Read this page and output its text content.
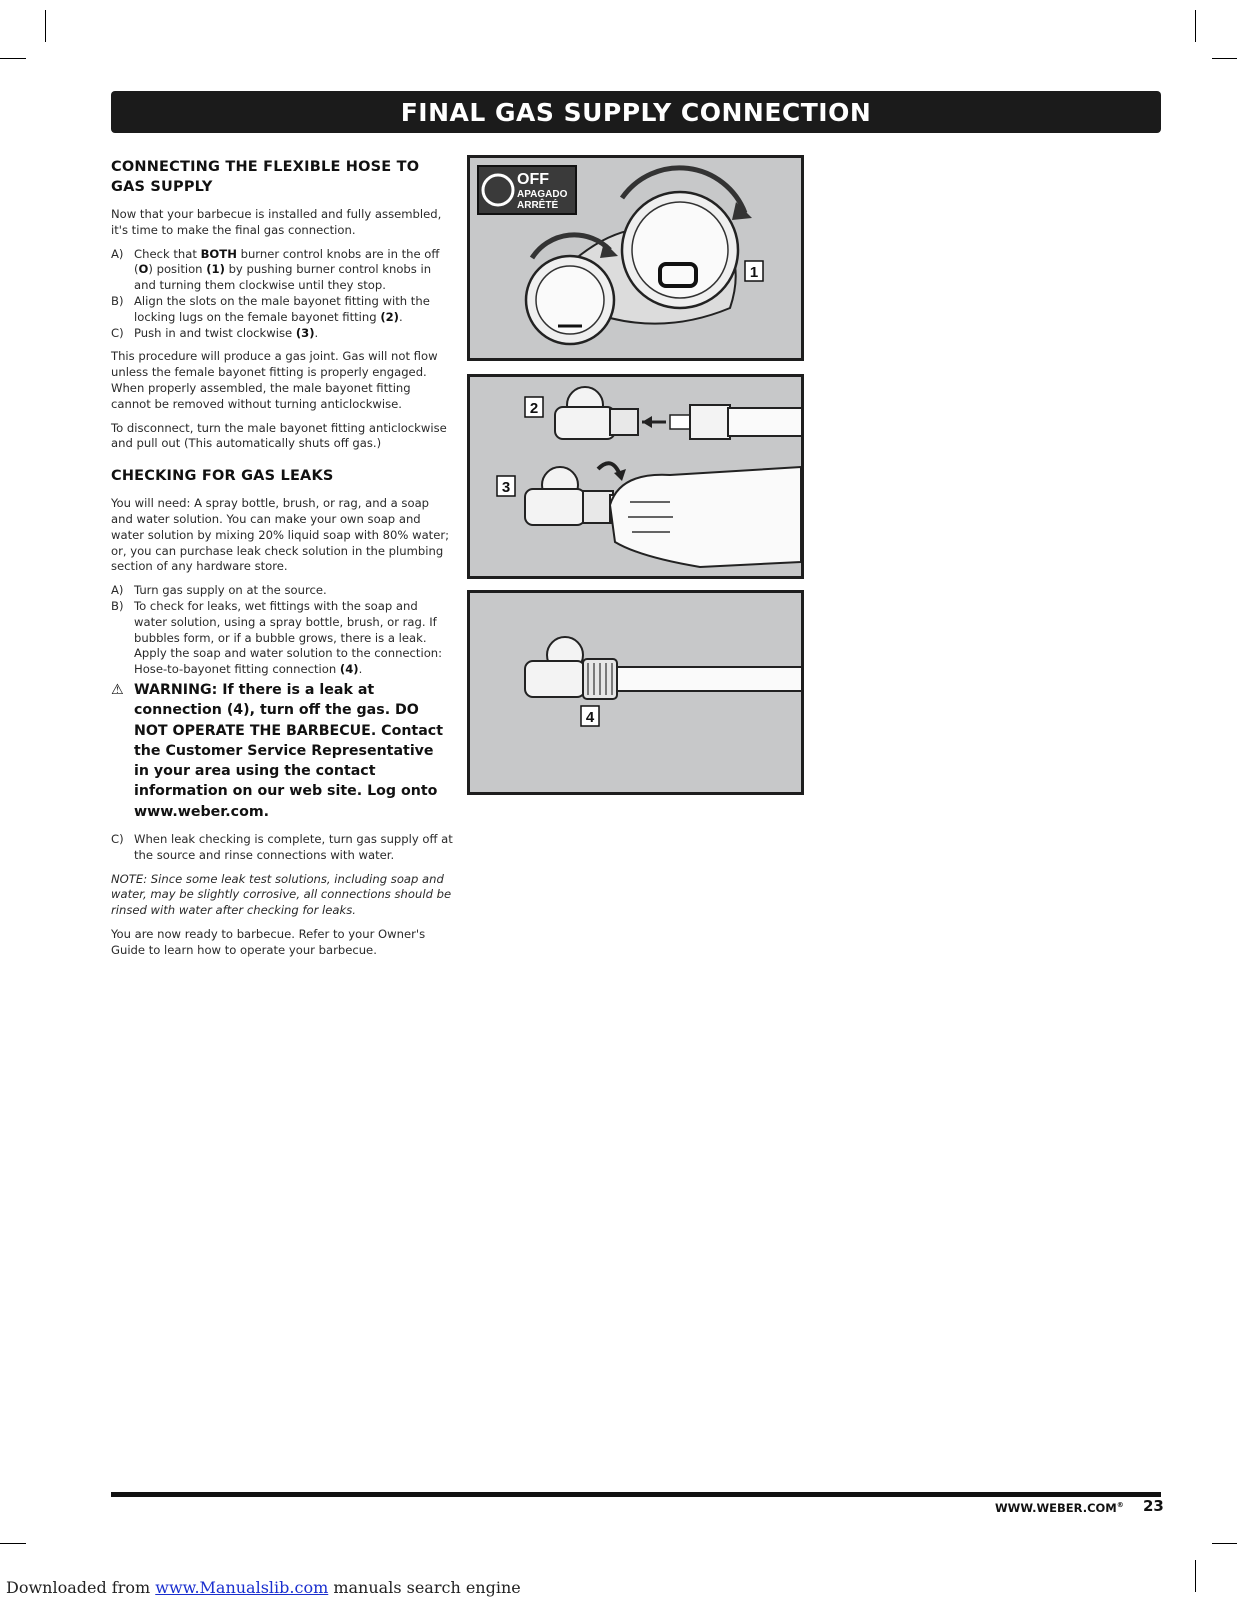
FINAL GAS SUPPLY CONNECTION
CONNECTING THE FLEXIBLE HOSE TO GAS SUPPLY

Now that your barbecue is installed and fully assembled, it's time to make the final gas connection.

A) Check that BOTH burner control knobs are in the off (O) position (1) by pushing burner control knobs in and turning them clockwise until they stop.
B) Align the slots on the male bayonet fitting with the locking lugs on the female bayonet fitting (2).
C) Push in and twist clockwise (3).

This procedure will produce a gas joint. Gas will not flow unless the female bayonet fitting is properly engaged. When properly assembled, the male bayonet fitting cannot be removed without turning anticlockwise.

To disconnect, turn the male bayonet fitting anticlockwise and pull out (This automatically shuts off gas.)

CHECKING FOR GAS LEAKS

You will need: A spray bottle, brush, or rag, and a soap and water solution. You can make your own soap and water solution by mixing 20% liquid soap with 80% water; or, you can purchase leak check solution in the plumbing section of any hardware store.

A) Turn gas supply on at the source.
B) To check for leaks, wet fittings with the soap and water solution, using a spray bottle, brush, or rag. If bubbles form, or if a bubble grows, there is a leak. Apply the soap and water solution to the connection: Hose-to-bayonet fitting connection (4).
⚠ WARNING: If there is a leak at connection (4), turn off the gas. DO NOT OPERATE THE BARBECUE. Contact the Customer Service Representative in your area using the contact information on our web site. Log onto www.weber.com.
C) When leak checking is complete, turn gas supply off at the source and rinse connections with water.

NOTE: Since some leak test solutions, including soap and water, may be slightly corrosive, all connections should be rinsed with water after checking for leaks.

You are now ready to barbecue. Refer to your Owner's Guide to learn how to operate your barbecue.

OFF
APAGADO
ARRÊTÉ
1
2
3
4
WWW.WEBER.COM® 23
Downloaded from www.Manualslib.com manuals search engine
